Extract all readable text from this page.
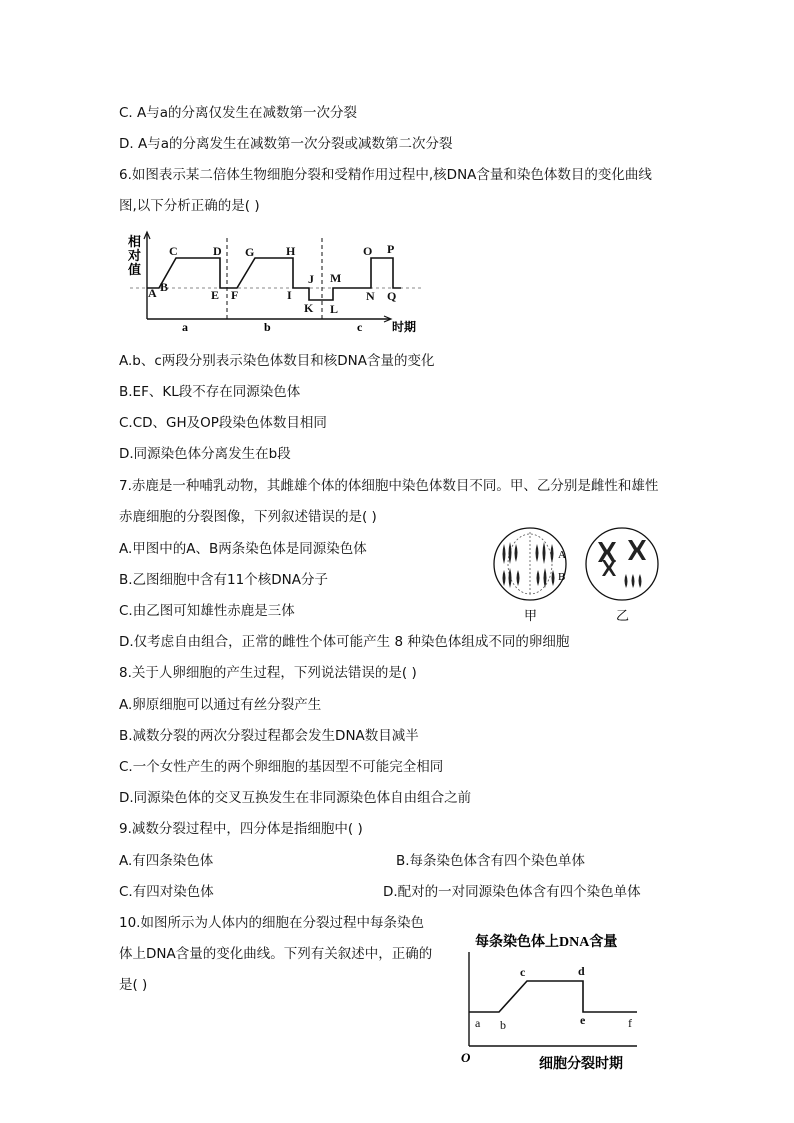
C. A与a的分离仅发生在减数第一次分裂
D. A与a的分离发生在减数第一次分裂或减数第二次分裂
6.如图表示某二倍体生物细胞分裂和受精作用过程中,核DNA含量和染色体数目的变化曲线
图,以下分析正确的是( )
相
对
值
A B
C	D
E F
G	H
I
J
K L
M
N
O P
Q
a	b	c 时期
A.b、c两段分别表示染色体数目和核DNA含量的变化
B.EF、KL段不存在同源染色体
C.CD、GH及OP段染色体数目相同
D.同源染色体分离发生在b段
7.赤鹿是一种哺乳动物，其雌雄个体的体细胞中染色体数目不同。甲、乙分别是雌性和雄性
赤鹿细胞的分裂图像，下列叙述错误的是( )
A.甲图中的A、B两条染色体是同源染色体
B.乙图细胞中含有11个核DNA分子
C.由乙图可知雄性赤鹿是三体
D.仅考虑自由组合，正常的雌性个体可能产生 8 种染色体组成不同的卵细胞
A
B
甲	乙
8.关于人卵细胞的产生过程，下列说法错误的是( )
A.卵原细胞可以通过有丝分裂产生
B.减数分裂的两次分裂过程都会发生DNA数目减半
C.一个女性产生的两个卵细胞的基因型不可能完全相同
D.同源染色体的交叉互换发生在非同源染色体自由组合之前
9.减数分裂过程中，四分体是指细胞中( )
A.有四条染色体	B.每条染色体含有四个染色单体
C.有四对染色体	D.配对的一对同源染色体含有四个染色单体
10.如图所示为人体内的细胞在分裂过程中每条染色
体上DNA含量的变化曲线。下列有关叙述中，正确的
是( )
每条染色体上DNA含量
a b
c	d
e	f
O	细胞分裂时期
